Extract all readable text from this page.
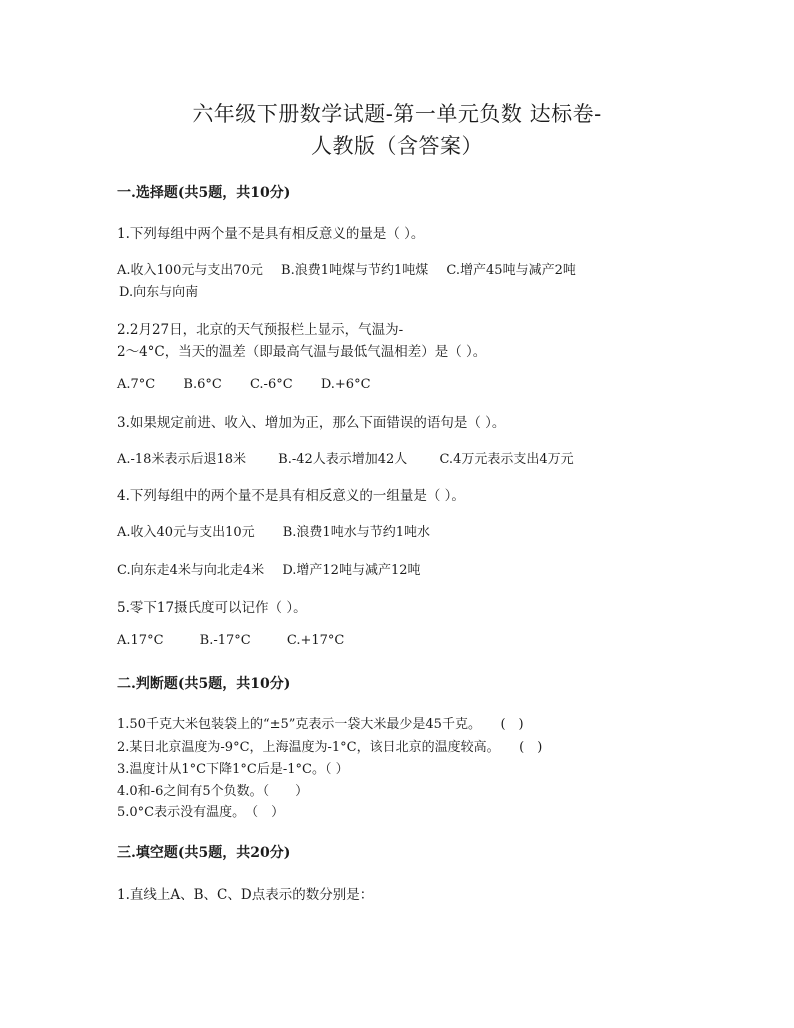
六年级下册数学试题-第一单元负数 达标卷-
人教版（含答案）
一.选择题(共5题，共10分)
1.下列每组中两个量不是具有相反意义的量是（ ）。
A.收入100元与支出70元 B.浪费1吨煤与节约1吨煤 C.增产45吨与减产2吨
D.向东与向南
2.2月27日，北京的天气预报栏上显示，气温为-
2～4°C，当天的温差（即最高气温与最低气温相差）是（ ）。
A.7°C B.6°C C.-6°C D.+6°C
3.如果规定前进、收入、增加为正，那么下面错误的语句是（ ）。
A.-18米表示后退18米 B.-42人表示增加42人 C.4万元表示支出4万元
4.下列每组中的两个量不是具有相反意义的一组量是（ ）。
A.收入40元与支出10元 B.浪费1吨水与节约1吨水
C.向东走4米与向北走4米 D.增产12吨与减产12吨
5.零下17摄氏度可以记作（ ）。
A.17°C	B.-17°C	C.+17°C
二.判断题(共5题，共10分)
1.50千克大米包装袋上的“±5”克表示一袋大米最少是45千克。　　(　)
2.某日北京温度为-9°C，上海温度为-1°C，该日北京的温度较高。　　(　)
3.温度计从1°C下降1°C后是-1°C。（ ）
4.0和-6之间有5个负数。（　　）
5.0°C表示没有温度。　（　）
三.填空题(共5题，共20分)
1.直线上A、B、C、D点表示的数分别是：
